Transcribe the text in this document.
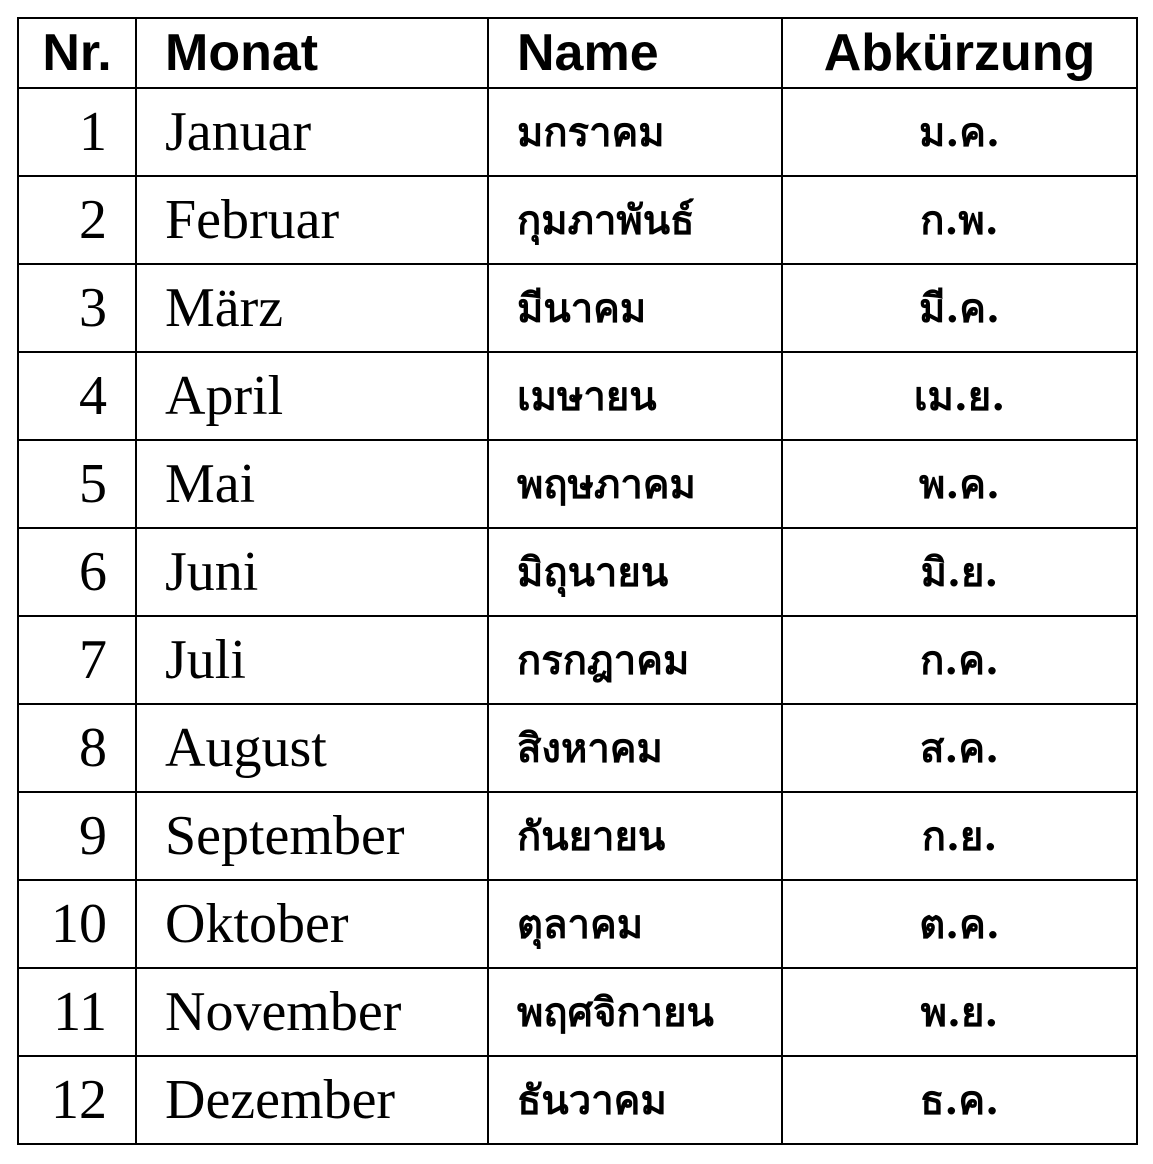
Nr.	Monat	Name	Abkürzung
1	Januar	มกราคม	ม.ค.
2	Februar	กุมภาพันธ์	ก.พ.
3	März	มีนาคม	มี.ค.
4	April	เมษายน	เม.ย.
5	Mai	พฤษภาคม	พ.ค.
6	Juni	มิถุนายน	มิ.ย.
7	Juli	กรกฎาคม	ก.ค.
8	August	สิงหาคม	ส.ค.
9	September	กันยายน	ก.ย.
10	Oktober	ตุลาคม	ต.ค.
11	November	พฤศจิกายน	พ.ย.
12	Dezember	ธันวาคม	ธ.ค.
